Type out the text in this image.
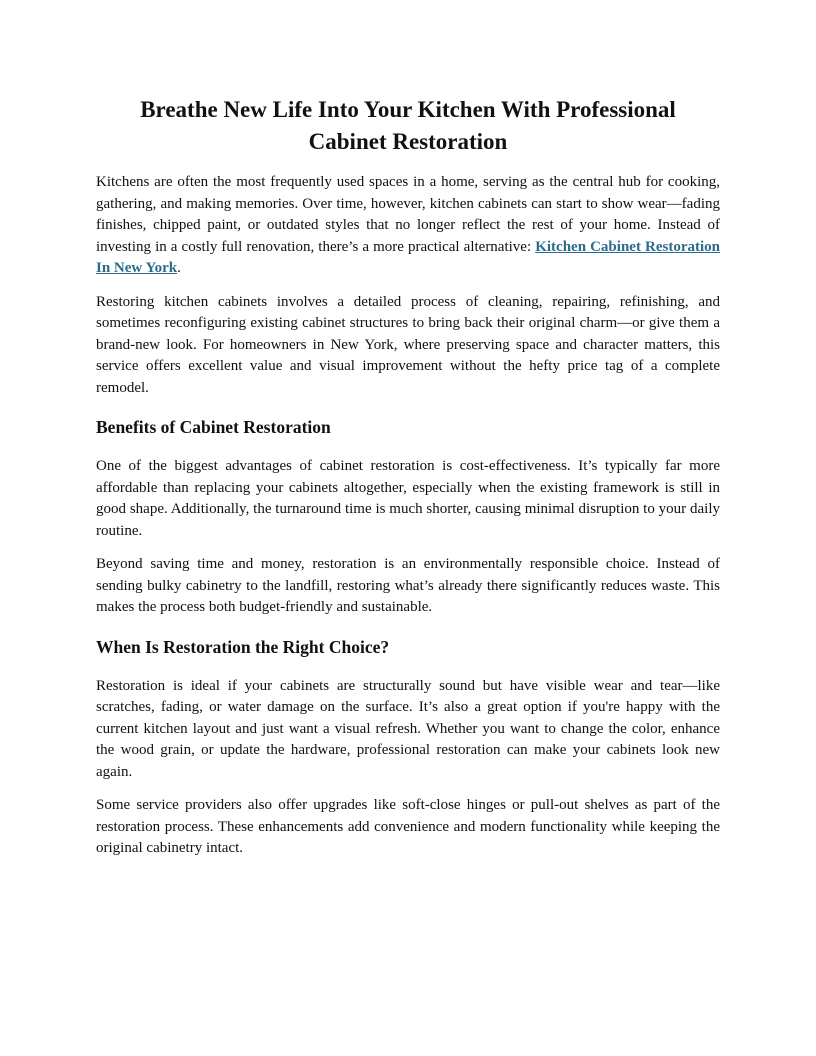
Breathe New Life Into Your Kitchen With Professional Cabinet Restoration

Kitchens are often the most frequently used spaces in a home, serving as the central hub for cooking, gathering, and making memories. Over time, however, kitchen cabinets can start to show wear—fading finishes, chipped paint, or outdated styles that no longer reflect the rest of your home. Instead of investing in a costly full renovation, there’s a more practical alternative: Kitchen Cabinet Restoration In New York.

Restoring kitchen cabinets involves a detailed process of cleaning, repairing, refinishing, and sometimes reconfiguring existing cabinet structures to bring back their original charm—or give them a brand-new look. For homeowners in New York, where preserving space and character matters, this service offers excellent value and visual improvement without the hefty price tag of a complete remodel.

Benefits of Cabinet Restoration

One of the biggest advantages of cabinet restoration is cost-effectiveness. It’s typically far more affordable than replacing your cabinets altogether, especially when the existing framework is still in good shape. Additionally, the turnaround time is much shorter, causing minimal disruption to your daily routine.

Beyond saving time and money, restoration is an environmentally responsible choice. Instead of sending bulky cabinetry to the landfill, restoring what’s already there significantly reduces waste. This makes the process both budget-friendly and sustainable.

When Is Restoration the Right Choice?

Restoration is ideal if your cabinets are structurally sound but have visible wear and tear—like scratches, fading, or water damage on the surface. It’s also a great option if you're happy with the current kitchen layout and just want a visual refresh. Whether you want to change the color, enhance the wood grain, or update the hardware, professional restoration can make your cabinets look new again.

Some service providers also offer upgrades like soft-close hinges or pull-out shelves as part of the restoration process. These enhancements add convenience and modern functionality while keeping the original cabinetry intact.
